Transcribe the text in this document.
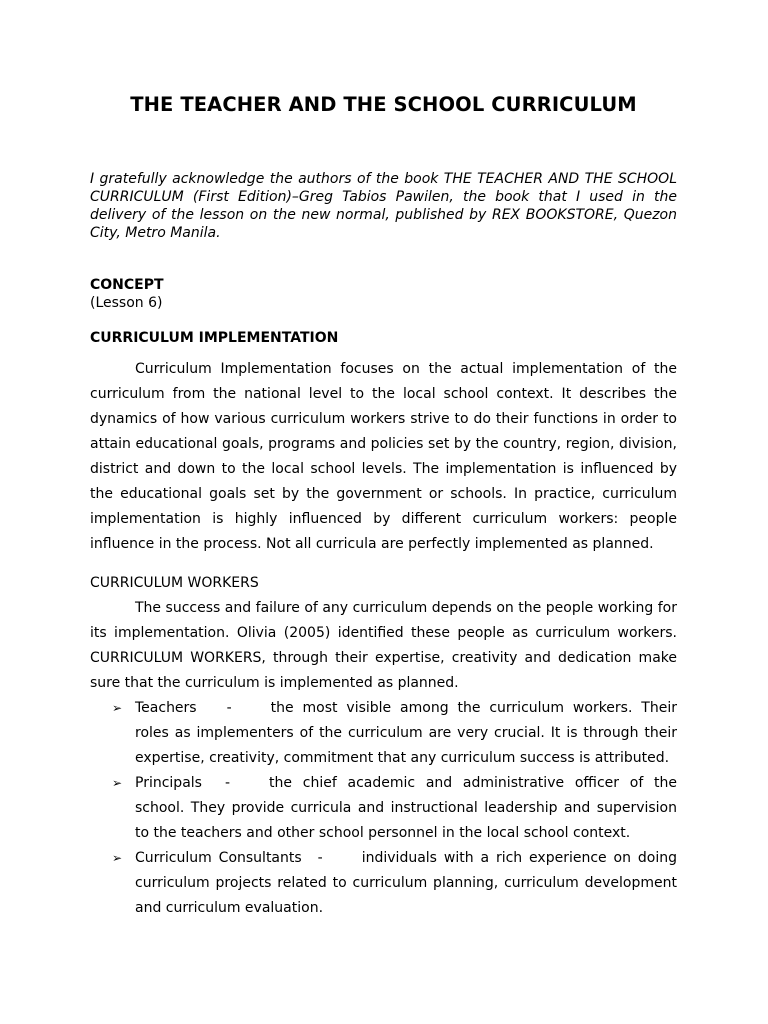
THE TEACHER AND THE SCHOOL CURRICULUM

I gratefully acknowledge the authors of the book THE TEACHER AND THE SCHOOL CURRICULUM (First Edition)–Greg Tabios Pawilen, the book that I used in the delivery of the lesson on the new normal, published by REX BOOKSTORE, Quezon City, Metro Manila.

CONCEPT
(Lesson 6)
CURRICULUM IMPLEMENTATION

Curriculum Implementation focuses on the actual implementation of the curriculum from the national level to the local school context. It describes the dynamics of how various curriculum workers strive to do their functions in order to attain educational goals, programs and policies set by the country, region, division, district and down to the local school levels. The implementation is influenced by the educational goals set by the government or schools. In practice, curriculum implementation is highly influenced by different curriculum workers: people influence in the process. Not all curricula are perfectly implemented as planned.

CURRICULUM WORKERS

The success and failure of any curriculum depends on the people working for its implementation. Olivia (2005) identified these people as curriculum workers. CURRICULUM WORKERS, through their expertise, creativity and dedication make sure that the curriculum is implemented as planned.

➢ Teachers -	the most visible among the curriculum workers. Their roles as implementers of the curriculum are very crucial. It is through their expertise, creativity, commitment that any curriculum success is attributed.
➢ Principals -	the chief academic and administrative officer of the school. They provide curricula and instructional leadership and supervision to the teachers and other school personnel in the local school context.
➢ Curriculum Consultants -	individuals with a rich experience on doing curriculum projects related to curriculum planning, curriculum development and curriculum evaluation.
